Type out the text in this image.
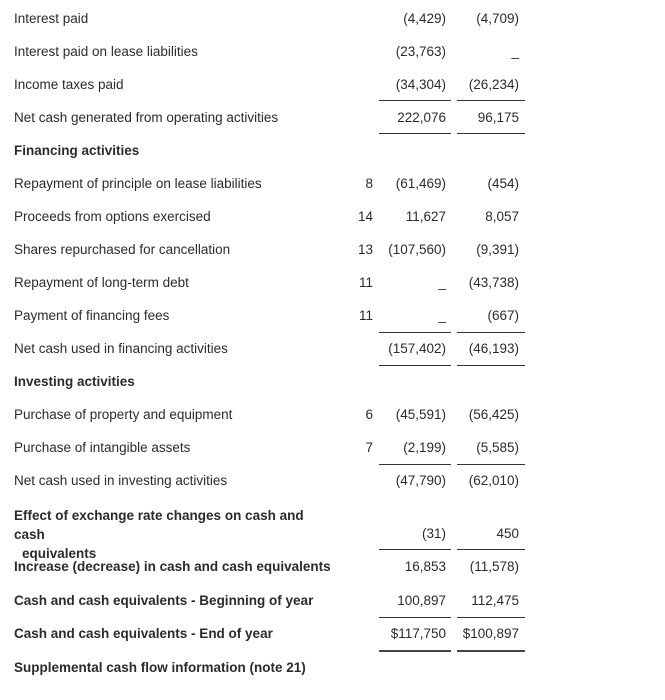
Interest paid	(4,429) (4,709)
Interest paid on lease liabilities	(23,763)	_
Income taxes paid	(34,304) (26,234)
Net cash generated from operating activities	222,076 96,175
Financing activities
Repayment of principle on lease liabilities	8 (61,469)	(454)
Proceeds from options exercised	14 11,627	8,057
Shares repurchased for cancellation	13 (107,560) (9,391)
Repayment of long-term debt	11	_ (43,738)
Payment of financing fees	11	_	(667)
Net cash used in financing activities	(157,402) (46,193)
Investing activities
Purchase of property and equipment	6 (45,591) (56,425)
Purchase of intangible assets	7 (2,199) (5,585)
Net cash used in investing activities	(47,790) (62,010)
Effect of exchange rate changes on cash and cash
equivalents
(31)	450
Increase (decrease) in cash and cash equivalents	16,853 (11,578)
Cash and cash equivalents - Beginning of year	100,897 112,475
Cash and cash equivalents - End of year	$117,750 $100,897
Supplemental cash flow information (note 21)
